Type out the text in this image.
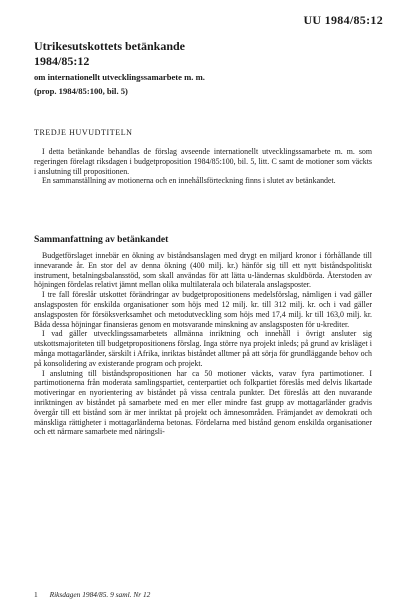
UU 1984/85:12
Utrikesutskottets betänkande
1984/85:12
om internationellt utvecklingssamarbete m. m.
(prop. 1984/85:100, bil. 5)
TREDJE HUVUDTITELN

I detta betänkande behandlas de förslag avseende internationellt utvecklingssamarbete m. m. som regeringen förelagt riksdagen i budgetproposition 1984/85:100, bil. 5, litt. C samt de motioner som väckts i anslutning till propositionen.

En sammanställning av motionerna och en innehållsförteckning finns i slutet av betänkandet.

Sammanfattning av betänkandet

Budgetförslaget innebär en ökning av biståndsanslagen med drygt en miljard kronor i förhållande till innevarande år. En stor del av denna ökning (400 milj. kr.) hänför sig till ett nytt biståndspolitiskt instrument, betalningsbalansstöd, som skall användas för att lätta u-ländernas skuldbörda. Återstoden av höjningen fördelas relativt jämnt mellan olika multilaterala och bilaterala anslagsposter.

I tre fall föreslår utskottet förändringar av budgetpropositionens medelsförslag, nämligen i vad gäller anslagsposten för enskilda organisationer som höjs med 12 milj. kr. till 312 milj. kr. och i vad gäller anslagsposten för försöksverksamhet och metodutveckling som höjs med 17,4 milj. kr till 163,0 milj. kr. Båda dessa höjningar finansieras genom en motsvarande minskning av anslagsposten för u-krediter.

I vad gäller utvecklingssamarbetets allmänna inriktning och innehåll i övrigt ansluter sig utskottsmajoriteten till budgetpropositionens förslag. Inga större nya projekt inleds; på grund av krisläget i många mottagarländer, särskilt i Afrika, inriktas biståndet alltmer på att sörja för grundläggande behov och på konsolidering av existerande program och projekt.

I anslutning till biståndspropositionen har ca 50 motioner väckts, varav fyra partimotioner. I partimotionerna från moderata samlingspartiet, centerpartiet och folkpartiet föreslås med delvis likartade motiveringar en nyorientering av biståndet på vissa centrala punkter. Det föreslås att den nuvarande inriktningen av biståndet på samarbete med en mer eller mindre fast grupp av mottagarländer gradvis övergår till ett bistånd som är mer inriktat på projekt och ämnesområden. Främjandet av demokrati och mänskliga rättigheter i mottagarländerna betonas. Fördelarna med bistånd genom enskilda organisationer och ett närmare samarbete med näringsli-

1 Riksdagen 1984/85. 9 saml. Nr 12
